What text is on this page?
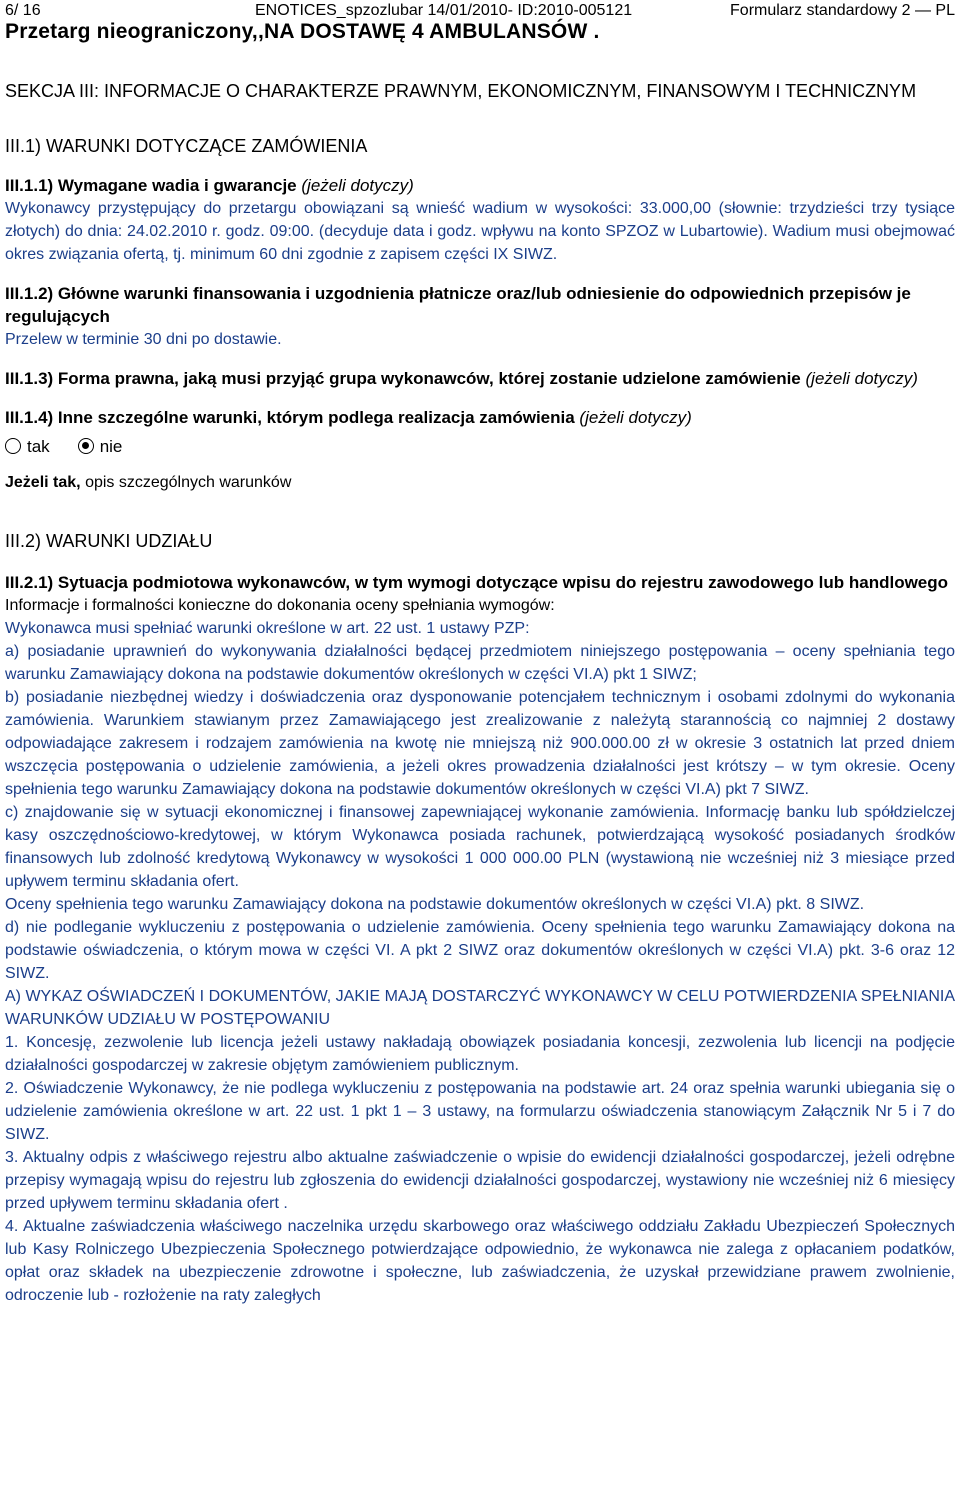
6/ 16	ENOTICES_spzozlubar 14/01/2010- ID:2010-005121	Formularz standardowy 2 — PL
Przetarg nieograniczony,,NA DOSTAWĘ 4 AMBULANSÓW .
SEKCJA III: INFORMACJE O CHARAKTERZE PRAWNYM, EKONOMICZNYM, FINANSOWYM I TECHNICZNYM
III.1) WARUNKI DOTYCZĄCE ZAMÓWIENIA
III.1.1) Wymagane wadia i gwarancje (jeżeli dotyczy)

Wykonawcy przystępujący do przetargu obowiązani są wnieść wadium w wysokości: 33.000,00 (słownie: trzydzieści trzy tysiące złotych) do dnia: 24.02.2010 r. godz. 09:00. (decyduje data i godz. wpływu na konto SPZOZ w Lubartowie). Wadium musi obejmować okres związania ofertą, tj. minimum 60 dni zgodnie z zapisem części IX SIWZ.

III.1.2) Główne warunki finansowania i uzgodnienia płatnicze oraz/lub odniesienie do odpowiednich przepisów je regulujących

Przelew w terminie 30 dni po dostawie.

III.1.3) Forma prawna, jaką musi przyjąć grupa wykonawców, której zostanie udzielone zamówienie (jeżeli dotyczy)
III.1.4) Inne szczególne warunki, którym podlega realizacja zamówienia (jeżeli dotyczy)
tak	nie
Jeżeli tak, opis szczególnych warunków
III.2) WARUNKI UDZIAŁU
III.2.1) Sytuacja podmiotowa wykonawców, w tym wymogi dotyczące wpisu do rejestru zawodowego lub handlowego

Informacje i formalności konieczne do dokonania oceny spełniania wymogów:

Wykonawca musi spełniać warunki określone w art. 22 ust. 1 ustawy PZP:

a) posiadanie uprawnień do wykonywania działalności będącej przedmiotem niniejszego postępowania – oceny spełniania tego warunku Zamawiający dokona na podstawie dokumentów określonych w części VI.A) pkt 1 SIWZ;

b) posiadanie niezbędnej wiedzy i doświadczenia oraz dysponowanie potencjałem technicznym i osobami zdolnymi do wykonania zamówienia. Warunkiem stawianym przez Zamawiającego jest zrealizowanie z należytą starannością co najmniej 2 dostawy odpowiadające zakresem i rodzajem zamówienia na kwotę nie mniejszą niż 900.000.00 zł w okresie 3 ostatnich lat przed dniem wszczęcia postępowania o udzielenie zamówienia, a jeżeli okres prowadzenia działalności jest krótszy – w tym okresie. Oceny spełnienia tego warunku Zamawiający dokona na podstawie dokumentów określonych w części VI.A) pkt 7 SIWZ.

c) znajdowanie się w sytuacji ekonomicznej i finansowej zapewniającej wykonanie zamówienia. Informację banku lub spółdzielczej kasy oszczędnościowo-kredytowej, w którym Wykonawca posiada rachunek, potwierdzającą wysokość posiadanych środków finansowych lub zdolność kredytową Wykonawcy w wysokości 1 000 000.00 PLN (wystawioną nie wcześniej niż 3 miesiące przed upływem terminu składania ofert.

Oceny spełnienia tego warunku Zamawiający dokona na podstawie dokumentów określonych w części VI.A) pkt. 8 SIWZ.

d) nie podleganie wykluczeniu z postępowania o udzielenie zamówienia. Oceny spełnienia tego warunku Zamawiający dokona na podstawie oświadczenia, o którym mowa w części VI. A pkt 2 SIWZ oraz dokumentów określonych w części VI.A) pkt. 3-6 oraz 12 SIWZ.

A) WYKAZ OŚWIADCZEŃ I DOKUMENTÓW, JAKIE MAJĄ DOSTARCZYĆ WYKONAWCY W CELU POTWIERDZENIA SPEŁNIANIA WARUNKÓW UDZIAŁU W POSTĘPOWANIU

1. Koncesję, zezwolenie lub licencja jeżeli ustawy nakładają obowiązek posiadania koncesji, zezwolenia lub licencji na podjęcie działalności gospodarczej w zakresie objętym zamówieniem publicznym.

2. Oświadczenie Wykonawcy, że nie podlega wykluczeniu z postępowania na podstawie art. 24 oraz spełnia warunki ubiegania się o udzielenie zamówienia określone w art. 22 ust. 1 pkt 1 – 3 ustawy, na formularzu oświadczenia stanowiącym Załącznik Nr 5 i 7 do SIWZ.

3. Aktualny odpis z właściwego rejestru albo aktualne zaświadczenie o wpisie do ewidencji działalności gospodarczej, jeżeli odrębne przepisy wymagają wpisu do rejestru lub zgłoszenia do ewidencji działalności gospodarczej, wystawiony nie wcześniej niż 6 miesięcy przed upływem terminu składania ofert .

4. Aktualne zaświadczenia właściwego naczelnika urzędu skarbowego oraz właściwego oddziału Zakładu Ubezpieczeń Społecznych lub Kasy Rolniczego Ubezpieczenia Społecznego potwierdzające odpowiednio, że wykonawca nie zalega z opłacaniem podatków, opłat oraz składek na ubezpieczenie zdrowotne i społeczne, lub zaświadczenia, że uzyskał przewidziane prawem zwolnienie, odroczenie lub - rozłożenie na raty zaległych
